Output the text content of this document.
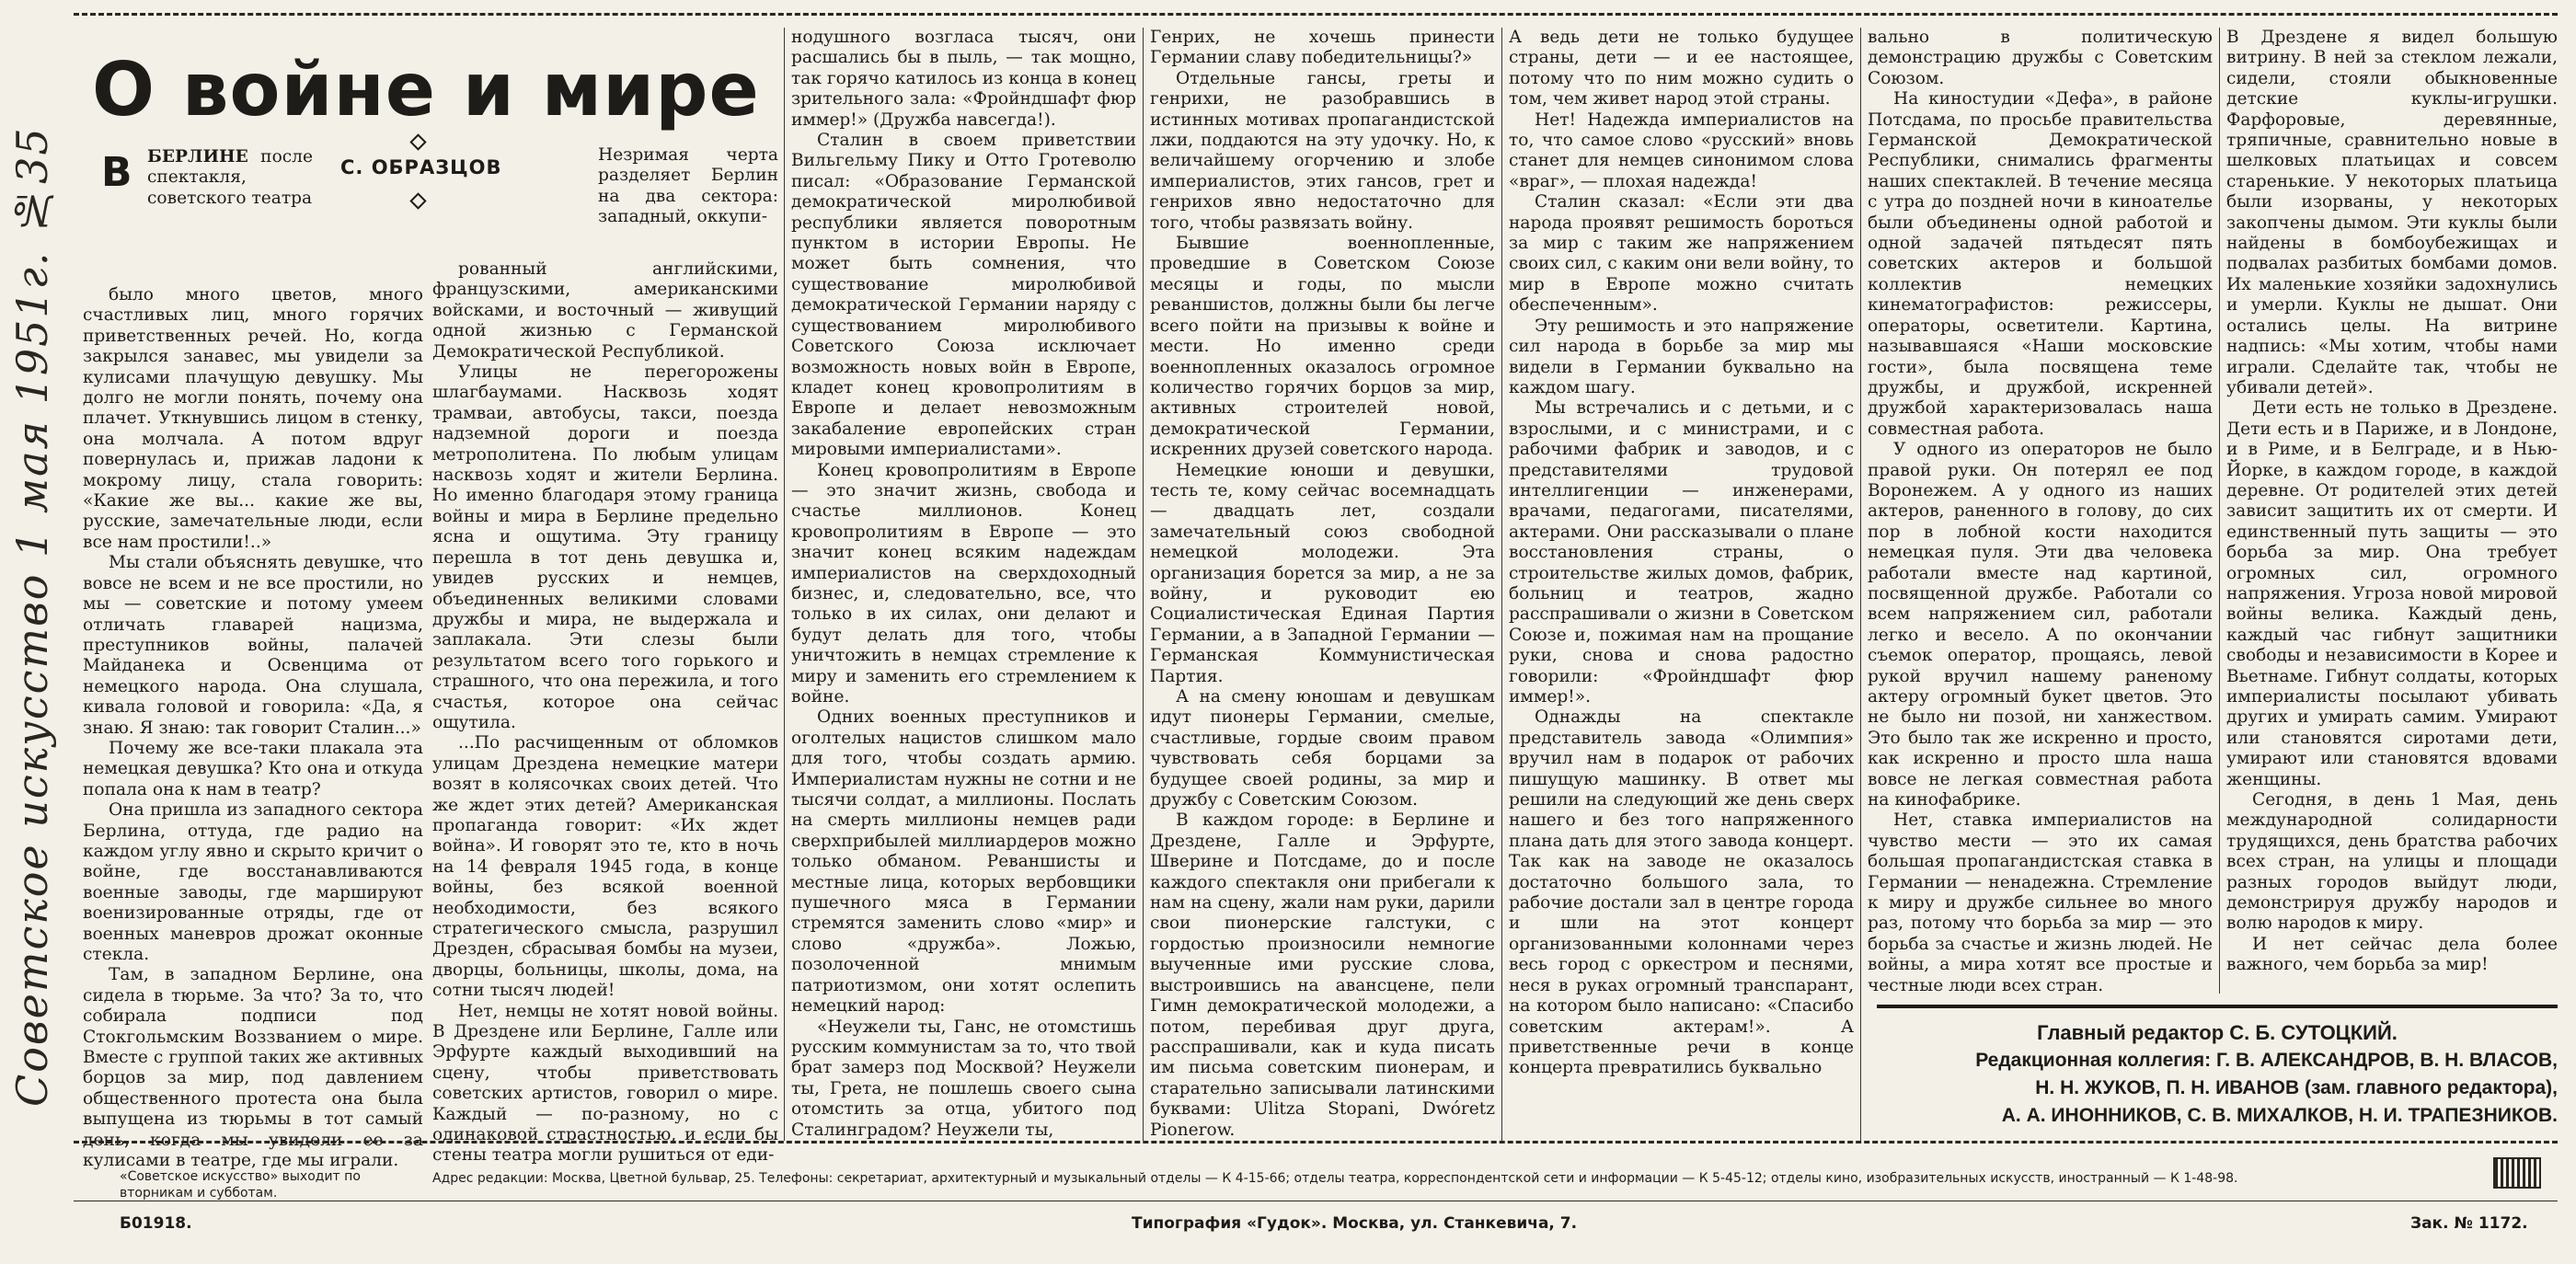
Советское искусство 1 мая 1951г. №35
О войне и мире
В БЕРЛИНЕ после спектакля, советского театра

было много цветов, много счастливых лиц, много горячих приветственных речей. Но, когда закрылся занавес, мы увидели за кулисами плачущую девушку. Мы долго не могли понять, почему она плачет. Уткнувшись лицом в стенку, она молчала. А потом вдруг повернулась и, прижав ладони к мокрому лицу, стала говорить: «Какие же вы... какие же вы, русские, замечательные люди, если все нам простили!..»

Мы стали объяснять девушке, что вовсе не всем и не все простили, но мы — советские и потому умеем отличать главарей нацизма, преступников войны, палачей Майданека и Освенцима от немецкого народа. Она слушала, кивала головой и говорила: «Да, я знаю. Я знаю: так говорит Сталин...»

Почему же все-таки плакала эта немецкая девушка? Кто она и откуда попала она к нам в театр?

Она пришла из западного сектора Берлина, оттуда, где радио на каждом углу явно и скрыто кричит о войне, где восстанавливаются военные заводы, где маршируют военизированные отряды, где от военных маневров дрожат оконные стекла.

Там, в западном Берлине, она сидела в тюрьме. За что? За то, что собирала подписи под Стокгольмским Воззванием о мире. Вместе с группой таких же активных борцов за мир, под давлением общественного протеста она была выпущена из тюрьмы в тот самый день, когда мы увидели ее за кулисами в театре, где мы играли.

С. ОБРАЗЦОВ
Незримая черта разделяет Берлин на два сектора: западный, оккупи-

рованный английскими, французскими, американскими войсками, и восточный — живущий одной жизнью с Германской Демократической Республикой.

Улицы не перегорожены шлагбаумами. Насквозь ходят трамваи, автобусы, такси, поезда надземной дороги и поезда метрополитена. По любым улицам насквозь ходят и жители Берлина. Но именно благодаря этому граница войны и мира в Берлине предельно ясна и ощутима. Эту границу перешла в тот день девушка и, увидев русских и немцев, объединенных великими словами дружбы и мира, не выдержала и заплакала. Эти слезы были результатом всего того горького и страшного, что она пережила, и того счастья, которое она сейчас ощутила.

...По расчищенным от обломков улицам Дрездена немецкие матери возят в колясочках своих детей. Что же ждет этих детей? Американская пропаганда говорит: «Их ждет война». И говорят это те, кто в ночь на 14 февраля 1945 года, в конце войны, без всякой военной необходимости, без всякого стратегического смысла, разрушил Дрезден, сбрасывая бомбы на музеи, дворцы, больницы, школы, дома, на сотни тысяч людей!

Нет, немцы не хотят новой войны. В Дрездене или Берлине, Галле или Эрфурте каждый выходивший на сцену, чтобы приветствовать советских артистов, говорил о мире. Каждый — по-разному, но с одинаковой страстностью, и если бы стены театра могли рушиться от еди-

нодушного возгласа тысяч, они расшались бы в пыль, — так мощно, так горячо катилось из конца в конец зрительного зала: «Фройндшафт фюр иммер!» (Дружба навсегда!).

Сталин в своем приветствии Вильгельму Пику и Отто Гротеволю писал: «Образование Германской демократической миролюбивой республики является поворотным пунктом в истории Европы. Не может быть сомнения, что существование миролюбивой демократической Германии наряду с существованием миролюбивого Советского Союза исключает возможность новых войн в Европе, кладет конец кровопролитиям в Европе и делает невозможным закабаление европейских стран мировыми империалистами».

Конец кровопролитиям в Европе — это значит жизнь, свобода и счастье миллионов. Конец кровопролитиям в Европе — это значит конец всяким надеждам империалистов на сверхдоходный бизнес, и, следовательно, все, что только в их силах, они делают и будут делать для того, чтобы уничтожить в немцах стремление к миру и заменить его стремлением к войне.

Одних военных преступников и оголтелых нацистов слишком мало для того, чтобы создать армию. Империалистам нужны не сотни и не тысячи солдат, а миллионы. Послать на смерть миллионы немцев ради сверхприбылей миллиардеров можно только обманом. Реваншисты и местные лица, которых вербовщики пушечного мяса в Германии стремятся заменить слово «мир» и слово «дружба». Ложью, позолоченной мнимым патриотизмом, они хотят ослепить немецкий народ:

«Неужели ты, Ганс, не отомстишь русским коммунистам за то, что твой брат замерз под Москвой? Неужели ты, Грета, не пошлешь своего сына отомстить за отца, убитого под Сталинградом? Неужели ты,

Генрих, не хочешь принести Германии славу победительницы?»

Отдельные гансы, греты и генрихи, не разобравшись в истинных мотивах пропагандистской лжи, поддаются на эту удочку. Но, к величайшему огорчению и злобе империалистов, этих гансов, грет и генрихов явно недостаточно для того, чтобы развязать войну.

Бывшие военнопленные, проведшие в Советском Союзе месяцы и годы, по мысли реваншистов, должны были бы легче всего пойти на призывы к войне и мести. Но именно среди военнопленных оказалось огромное количество горячих борцов за мир, активных строителей новой, демократической Германии, искренних друзей советского народа.

Немецкие юноши и девушки, тесть те, кому сейчас восемнадцать — двадцать лет, создали замечательный союз свободной немецкой молодежи. Эта организация борется за мир, а не за войну, и руководит ею Социалистическая Единая Партия Германии, а в Западной Германии — Германская Коммунистическая Партия.

А на смену юношам и девушкам идут пионеры Германии, смелые, счастливые, гордые своим правом чувствовать себя борцами за будущее своей родины, за мир и дружбу с Советским Союзом.

В каждом городе: в Берлине и Дрездене, Галле и Эрфурте, Шверине и Потсдаме, до и после каждого спектакля они прибегали к нам на сцену, жали нам руки, дарили свои пионерские галстуки, с гордостью произносили немногие выученные ими русские слова, выстроившись на авансцене, пели Гимн демократической молодежи, а потом, перебивая друг друга, расспрашивали, как и куда писать им письма советским пионерам, и старательно записывали латинскими буквами: Ulitza Stopani, Dwóretz Pionerow.

А ведь дети не только будущее страны, дети — и ее настоящее, потому что по ним можно судить о том, чем живет народ этой страны.

Нет! Надежда империалистов на то, что самое слово «русский» вновь станет для немцев синонимом слова «враг», — плохая надежда!

Сталин сказал: «Если эти два народа проявят решимость бороться за мир с таким же напряжением своих сил, с каким они вели войну, то мир в Европе можно считать обеспеченным».

Эту решимость и это напряжение сил народа в борьбе за мир мы видели в Германии буквально на каждом шагу.

Мы встречались и с детьми, и с взрослыми, и с министрами, и с рабочими фабрик и заводов, и с представителями трудовой интеллигенции — инженерами, врачами, педагогами, писателями, актерами. Они рассказывали о плане восстановления страны, о строительстве жилых домов, фабрик, больниц и театров, жадно расспрашивали о жизни в Советском Союзе и, пожимая нам на прощание руки, снова и снова радостно говорили: «Фройндшафт фюр иммер!».

Однажды на спектакле представитель завода «Олимпия» вручил нам в подарок от рабочих пишущую машинку. В ответ мы решили на следующий же день сверх нашего и без того напряженного плана дать для этого завода концерт. Так как на заводе не оказалось достаточно большого зала, то рабочие достали зал в центре города и шли на этот концерт организованными колоннами через весь город с оркестром и песнями, неся в руках огромный транспарант, на котором было написано: «Спасибо советским актерам!». А приветственные речи в конце концерта превратились буквально

вально в политическую демонстрацию дружбы с Советским Союзом.

На киностудии «Дефа», в районе Потсдама, по просьбе правительства Германской Демократической Республики, снимались фрагменты наших спектаклей. В течение месяца с утра до поздней ночи в киноателье были объединены одной работой и одной задачей пятьдесят пять советских актеров и большой коллектив немецких кинематографистов: режиссеры, операторы, осветители. Картина, называвшаяся «Наши московские гости», была посвящена теме дружбы, и дружбой, искренней дружбой характеризовалась наша совместная работа.

У одного из операторов не было правой руки. Он потерял ее под Воронежем. А у одного из наших актеров, раненного в голову, до сих пор в лобной кости находится немецкая пуля. Эти два человека работали вместе над картиной, посвященной дружбе. Работали со всем напряжением сил, работали легко и весело. А по окончании съемок оператор, прощаясь, левой рукой вручил нашему раненому актеру огромный букет цветов. Это не было ни позой, ни ханжеством. Это было так же искренно и просто, как искренно и просто шла наша вовсе не легкая совместная работа на кинофабрике.

Нет, ставка империалистов на чувство мести — это их самая большая пропагандистская ставка в Германии — ненадежна. Стремление к миру и дружбе сильнее во много раз, потому что борьба за мир — это борьба за счастье и жизнь людей. Не войны, а мира хотят все простые и честные люди всех стран.

В Дрездене я видел большую витрину. В ней за стеклом лежали, сидели, стояли обыкновенные детские куклы-игрушки. Фарфоровые, деревянные, тряпичные, сравнительно новые в шелковых платьицах и совсем старенькие. У некоторых платьица были изорваны, у некоторых закопчены дымом. Эти куклы были найдены в бомбоубежищах и подвалах разбитых бомбами домов. Их маленькие хозяйки задохнулись и умерли. Куклы не дышат. Они остались целы. На витрине надпись: «Мы хотим, чтобы нами играли. Сделайте так, чтобы не убивали детей».

Дети есть не только в Дрездене. Дети есть и в Париже, и в Лондоне, и в Риме, и в Белграде, и в Нью-Йорке, в каждом городе, в каждой деревне. От родителей этих детей зависит защитить их от смерти. И единственный путь защиты — это борьба за мир. Она требует огромных сил, огромного напряжения. Угроза новой мировой войны велика. Каждый день, каждый час гибнут защитники свободы и независимости в Корее и Вьетнаме. Гибнут солдаты, которых империалисты посылают убивать других и умирать самим. Умирают или становятся сиротами дети, умирают или становятся вдовами женщины.

Сегодня, в день 1 Мая, день международной солидарности трудящихся, день братства рабочих всех стран, на улицы и площади разных городов выйдут люди, демонстрируя дружбу народов и волю народов к миру.

И нет сейчас дела более важного, чем борьба за мир!

Главный редактор С. Б. СУТОЦКИЙ.
Редакционная коллегия: Г. В. АЛЕКСАНДРОВ, В. Н. ВЛАСОВ,
Н. Н. ЖУКОВ, П. Н. ИВАНОВ (зам. главного редактора),
А. А. ИНОННИКОВ, С. В. МИХАЛКОВ, Н. И. ТРАПЕЗНИКОВ.
«Советское искусство» выходит по вторникам и субботам.
Адрес редакции: Москва, Цветной бульвар, 25. Телефоны: секретариат, архитектурный и музыкальный отделы — К 4-15-66; отделы театра, корреспондентской сети и информации — К 5-45-12; отделы кино, изобразительных искусств, иностранный — К 1-48-98.
Б01918.	Типография «Гудок». Москва, ул. Станкевича, 7.	Зак. № 1172.
